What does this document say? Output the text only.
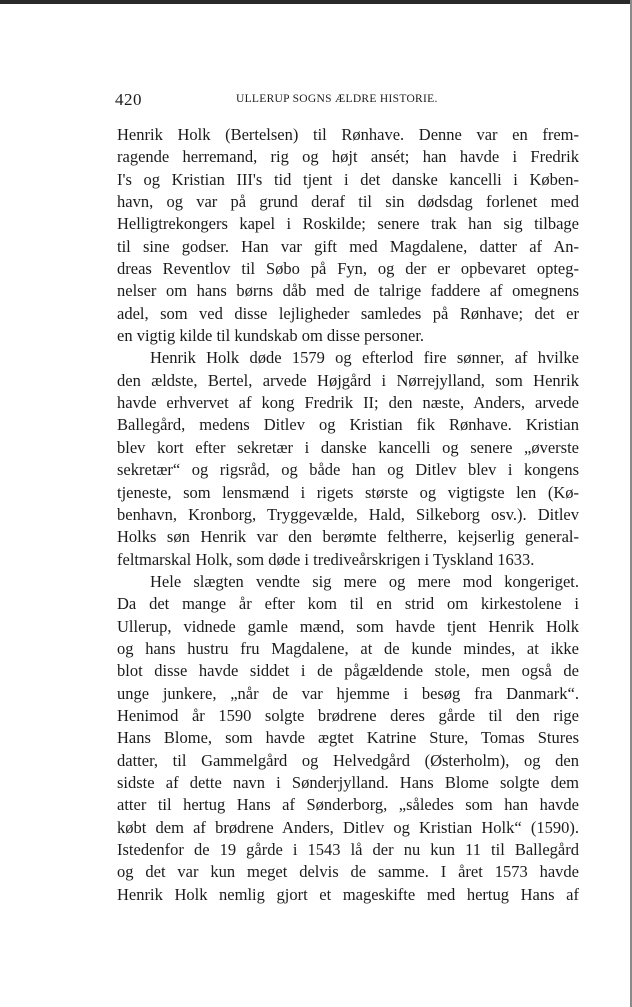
420	ULLERUP SOGNS ÆLDRE HISTORIE.
Henrik Holk (Bertelsen) til Rønhave. Denne var en frem-
ragende herremand, rig og højt ansét; han havde i Fredrik
I's og Kristian III's tid tjent i det danske kancelli i Køben-
havn, og var på grund deraf til sin dødsdag forlenet med
Helligtrekongers kapel i Roskilde; senere trak han sig tilbage
til sine godser. Han var gift med Magdalene, datter af An-
dreas Reventlov til Søbo på Fyn, og der er opbevaret opteg-
nelser om hans børns dåb med de talrige faddere af omegnens
adel, som ved disse lejligheder samledes på Rønhave; det er
en vigtig kilde til kundskab om disse personer.
Henrik Holk døde 1579 og efterlod fire sønner, af hvilke
den ældste, Bertel, arvede Højgård i Nørrejylland, som Henrik
havde erhvervet af kong Fredrik II; den næste, Anders, arvede
Ballegård, medens Ditlev og Kristian fik Rønhave. Kristian
blev kort efter sekretær i danske kancelli og senere „øverste
sekretær“ og rigsråd, og både han og Ditlev blev i kongens
tjeneste, som lensmænd i rigets største og vigtigste len (Kø-
benhavn, Kronborg, Tryggevælde, Hald, Silkeborg osv.). Ditlev
Holks søn Henrik var den berømte feltherre, kejserlig general-
feltmarskal Holk, som døde i trediveårskrigen i Tyskland 1633.
Hele slægten vendte sig mere og mere mod kongeriget.
Da det mange år efter kom til en strid om kirkestolene i
Ullerup, vidnede gamle mænd, som havde tjent Henrik Holk
og hans hustru fru Magdalene, at de kunde mindes, at ikke
blot disse havde siddet i de pågældende stole, men også de
unge junkere, „når de var hjemme i besøg fra Danmark“.
Henimod år 1590 solgte brødrene deres gårde til den rige
Hans Blome, som havde ægtet Katrine Sture, Tomas Stures
datter, til Gammelgård og Helvedgård (Østerholm), og den
sidste af dette navn i Sønderjylland. Hans Blome solgte dem
atter til hertug Hans af Sønderborg, „således som han havde
købt dem af brødrene Anders, Ditlev og Kristian Holk“ (1590).
Istedenfor de 19 gårde i 1543 lå der nu kun 11 til Ballegård
og det var kun meget delvis de samme. I året 1573 havde
Henrik Holk nemlig gjort et mageskifte med hertug Hans af
